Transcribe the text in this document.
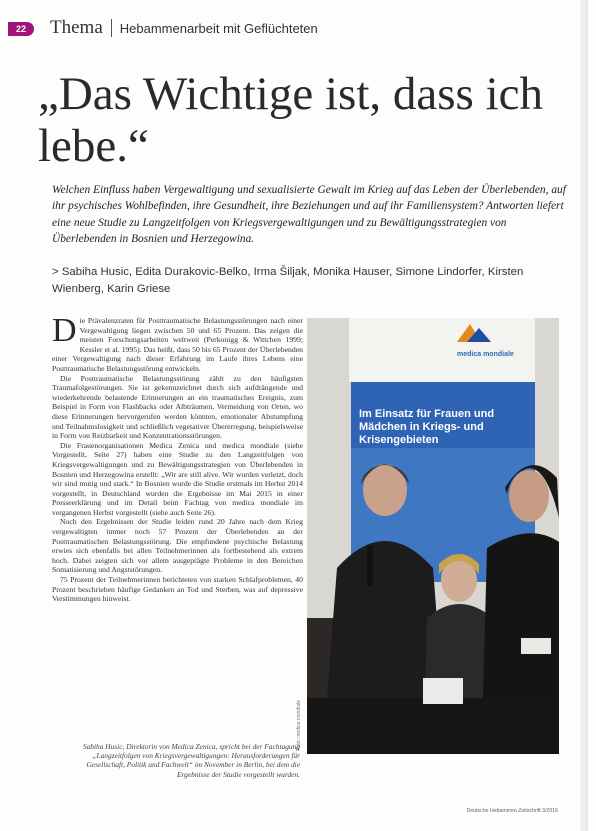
22	Thema Hebammenarbeit mit Geflüchteten
„Das Wichtige ist, dass ich lebe.“
Welchen Einfluss haben Vergewaltigung und sexualisierte Gewalt im Krieg auf das Leben der Überlebenden, auf ihr psychisches Wohlbefinden, ihre Gesundheit, ihre Beziehungen und auf ihr Familiensystem? Antworten liefert eine neue Studie zu Langzeitfolgen von Kriegsvergewaltigungen und zu Bewältigungsstrategien von Überlebenden in Bosnien und Herzegowina.
> Sabiha Husic, Edita Durakovic-Belko, Irma Šiljak, Monika Hauser, Simone Lindorfer, Kirsten Wienberg, Karin Griese
D ie Prävalenzraten für Posttraumatische Belastungsstörungen nach einer Vergewaltigung liegen zwischen 50 und 65 Prozent. Das zeigen die meisten Forschungsarbeiten weltweit (Perkonigg & Wittchen 1999; Kessler et al. 1995). Das heißt, dass 50 bis 65 Prozent der Überlebenden einer Vergewaltigung nach dieser Erfahrung im Laufe ihres Lebens eine Posttraumatische Belastungsstörung entwickeln.

Die Posttraumatische Belastungsstörung zählt zu den häufigsten Traumafolgestörungen. Sie ist gekennzeichnet durch sich aufdrängende und wiederkehrende belastende Erinnerungen an ein traumatisches Ereignis, zum Beispiel in Form von Flashbacks oder Albträumen, Vermeidung von Orten, wo diese Erinnerungen hervorgerufen werden könnten, emotionaler Abstumpfung und Teilnahmslosigkeit und schließlich vegetativer Übererregung, beispielsweise in Form von Reizbarkeit und Konzentrationsstörungen.

Die Frauenorganisationen Medica Zenica und medica mondiale (siehe Vorgestellt, Seite 27) haben eine Studie zu den Langzeitfolgen von Kriegsvergewaltigungen und zu Bewältigungsstrategien von Überlebenden in Bosnien und Herzegowina erstellt: „Wir are still alive. Wir wurden verletzt, doch wir sind mutig und stark.“ In Bosnien wurde die Studie erstmals im Herbst 2014 vorgestellt, in Deutschland wurden die Ergebnisse im Mai 2015 in einer Presseerklärung und im Detail beim Fachtag von medica mondiale im vergangenen Herbst vorgestellt (siehe auch Seite 26).

Noch den Ergebnissen der Studie leiden rund 20 Jahre nach dem Krieg vergewaltigten immer noch 57 Prozent der Überlebenden an der Posttraumatischen Belastungsstörung. Die empfundene psychische Belastung erwies sich ebenfalls bei allen Teilnehmerinnen als fortbestehend als extrem hoch. Dabei zeigten sich vor allem ausgeprägte Probleme in den Bereichen Somatisierung und Angststörungen.

75 Prozent der Teilnehmerinnen berichteten von starken Schlafproblemen, 40 Prozent beschrieben häufige Gedanken an Tod und Sterben, was auf depressive Verstimmungen hinweist.

medica mondiale
Im Einsatz für Frauen und Mädchen in Kriegs- und Krisengebieten
Foto: medica mondiale
Sabiha Husic, Direktorin von Medica Zenica, spricht bei der Fachtagung „Langzeitfolgen von Kriegsvergewaltigungen: Herausforderungen für Gesellschaft, Politik und Fachwelt“ im November in Berlin, bei dem die Ergebnisse der Studie vorgestellt wurden.
Deutsche Hebammen Zeitschrift 3/2016
